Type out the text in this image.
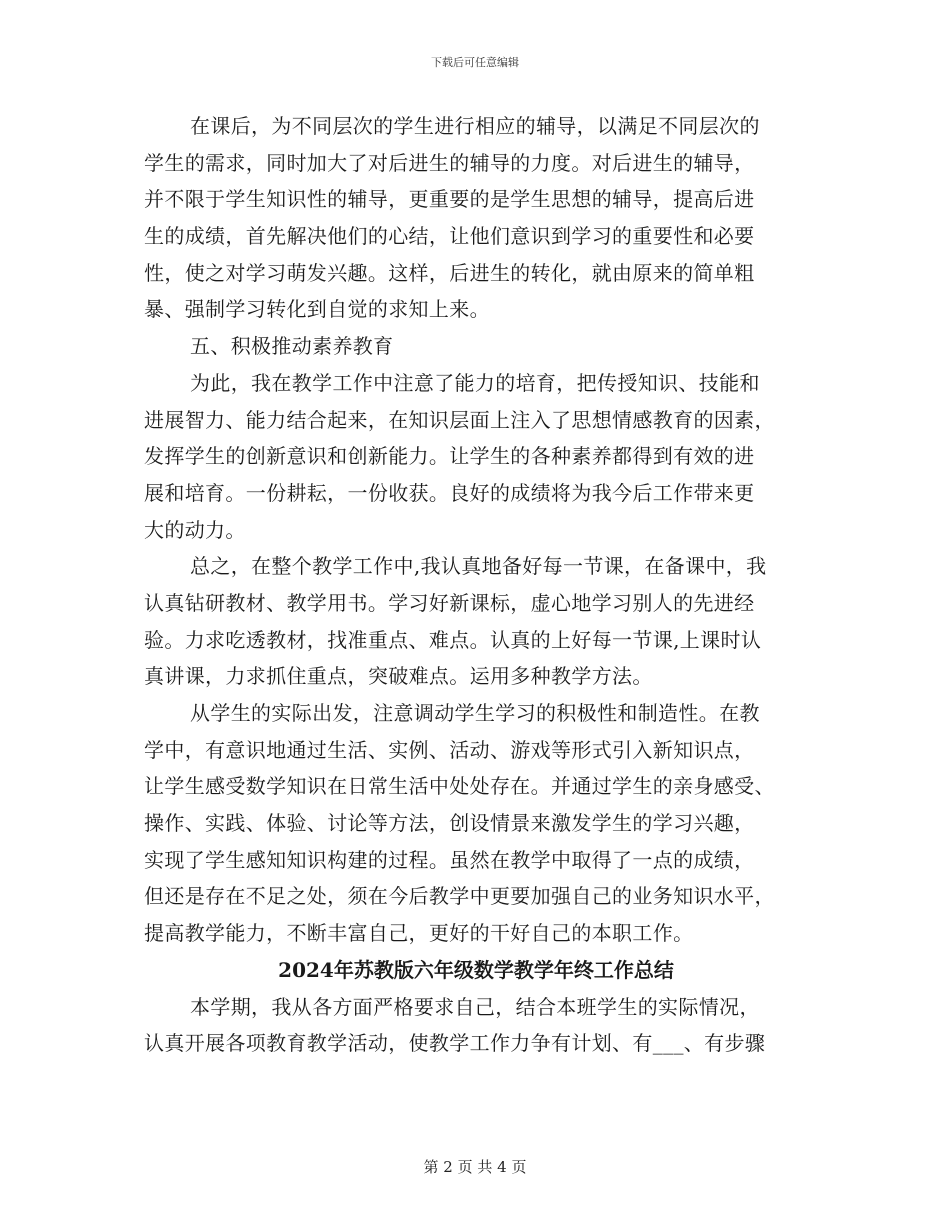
下载后可任意编辑
在课后，为不同层次的学生进行相应的辅导，以满足不同层次的
学生的需求，同时加大了对后进生的辅导的力度。对后进生的辅导，
并不限于学生知识性的辅导，更重要的是学生思想的辅导，提高后进
生的成绩，首先解决他们的心结，让他们意识到学习的重要性和必要
性，使之对学习萌发兴趣。这样，后进生的转化，就由原来的简单粗
暴、强制学习转化到自觉的求知上来。
五、积极推动素养教育
为此，我在教学工作中注意了能力的培育，把传授知识、技能和
进展智力、能力结合起来，在知识层面上注入了思想情感教育的因素，
发挥学生的创新意识和创新能力。让学生的各种素养都得到有效的进
展和培育。一份耕耘，一份收获。良好的成绩将为我今后工作带来更
大的动力。
总之，在整个教学工作中,我认真地备好每一节课，在备课中，我
认真钻研教材、教学用书。学习好新课标，虚心地学习别人的先进经
验。力求吃透教材，找准重点、难点。认真的上好每一节课,上课时认
真讲课，力求抓住重点，突破难点。运用多种教学方法。
从学生的实际出发，注意调动学生学习的积极性和制造性。在教
学中，有意识地通过生活、实例、活动、游戏等形式引入新知识点，
让学生感受数学知识在日常生活中处处存在。并通过学生的亲身感受、
操作、实践、体验、讨论等方法，创设情景来激发学生的学习兴趣，
实现了学生感知知识构建的过程。虽然在教学中取得了一点的成绩，
但还是存在不足之处，须在今后教学中更要加强自己的业务知识水平，
提高教学能力，不断丰富自己，更好的干好自己的本职工作。
2024年苏教版六年级数学教学年终工作总结
本学期，我从各方面严格要求自己，结合本班学生的实际情况，
认真开展各项教育教学活动，使教学工作力争有计划、有___、有步骤
第 2 页 共 4 页
